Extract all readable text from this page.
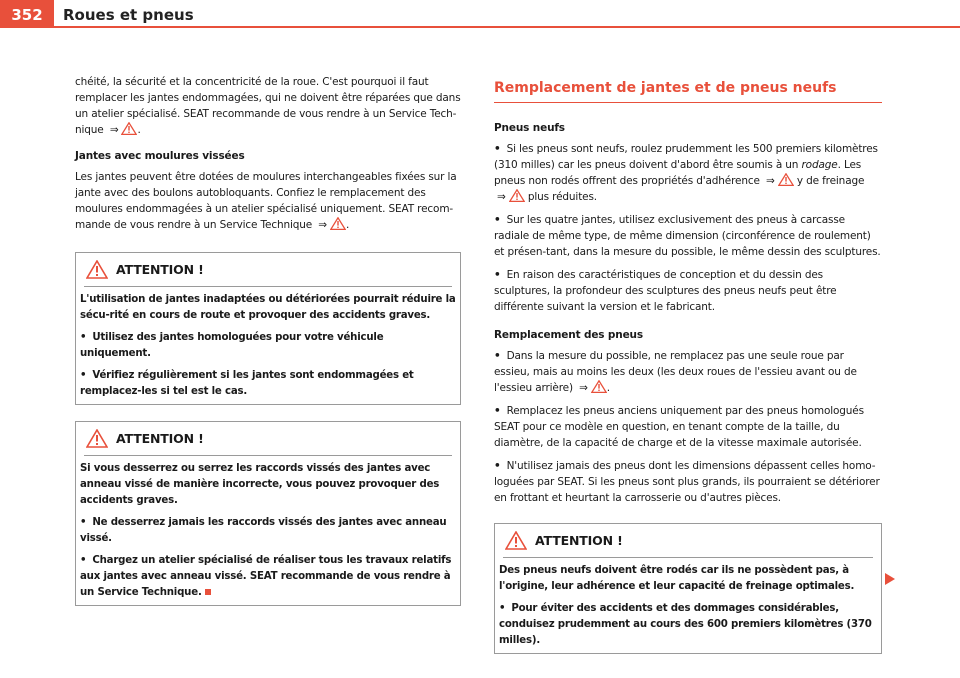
352	Roues et pneus

chéité, la sécurité et la concentricité de la roue. C'est pourquoi il faut remplacer les jantes endommagées, qui ne doivent être réparées que dans un atelier spécialisé. SEAT recommande de vous rendre à un Service Tech-nique ⇒ .

Jantes avec moulures vissées

Les jantes peuvent être dotées de moulures interchangeables fixées sur la jante avec des boulons autobloquants. Confiez le remplacement des moulures endommagées à un atelier spécialisé uniquement. SEAT recom-mande de vous rendre à un Service Technique ⇒ .

ATTENTION !

L'utilisation de jantes inadaptées ou détériorées pourrait réduire la sécu-rité en cours de route et provoquer des accidents graves.

• Utilisez des jantes homologuées pour votre véhicule uniquement.

• Vérifiez régulièrement si les jantes sont endommagées et remplacez-les si tel est le cas.

ATTENTION !

Si vous desserrez ou serrez les raccords vissés des jantes avec anneau vissé de manière incorrecte, vous pouvez provoquer des accidents graves.

• Ne desserrez jamais les raccords vissés des jantes avec anneau vissé.

• Chargez un atelier spécialisé de réaliser tous les travaux relatifs aux jantes avec anneau vissé. SEAT recommande de vous rendre à un Service Technique.

Remplacement de jantes et de pneus neufs

Pneus neufs

• Si les pneus sont neufs, roulez prudemment les 500 premiers kilomètres (310 milles) car les pneus doivent d'abord être soumis à un rodage. Les pneus non rodés offrent des propriétés d'adhérence ⇒ y de freinage ⇒ plus réduites.

• Sur les quatre jantes, utilisez exclusivement des pneus à carcasse radiale de même type, de même dimension (circonférence de roulement) et présen-tant, dans la mesure du possible, le même dessin des sculptures.

• En raison des caractéristiques de conception et du dessin des sculptures, la profondeur des sculptures des pneus neufs peut être différente suivant la version et le fabricant.

Remplacement des pneus

• Dans la mesure du possible, ne remplacez pas une seule roue par essieu, mais au moins les deux (les deux roues de l'essieu avant ou de l'essieu arrière) ⇒ .

• Remplacez les pneus anciens uniquement par des pneus homologués SEAT pour ce modèle en question, en tenant compte de la taille, du diamètre, de la capacité de charge et de la vitesse maximale autorisée.

• N'utilisez jamais des pneus dont les dimensions dépassent celles homo-loguées par SEAT. Si les pneus sont plus grands, ils pourraient se détériorer en frottant et heurtant la carrosserie ou d'autres pièces.

ATTENTION !

Des pneus neufs doivent être rodés car ils ne possèdent pas, à l'origine, leur adhérence et leur capacité de freinage optimales.

• Pour éviter des accidents et des dommages considérables, conduisez prudemment au cours des 600 premiers kilomètres (370 milles).
